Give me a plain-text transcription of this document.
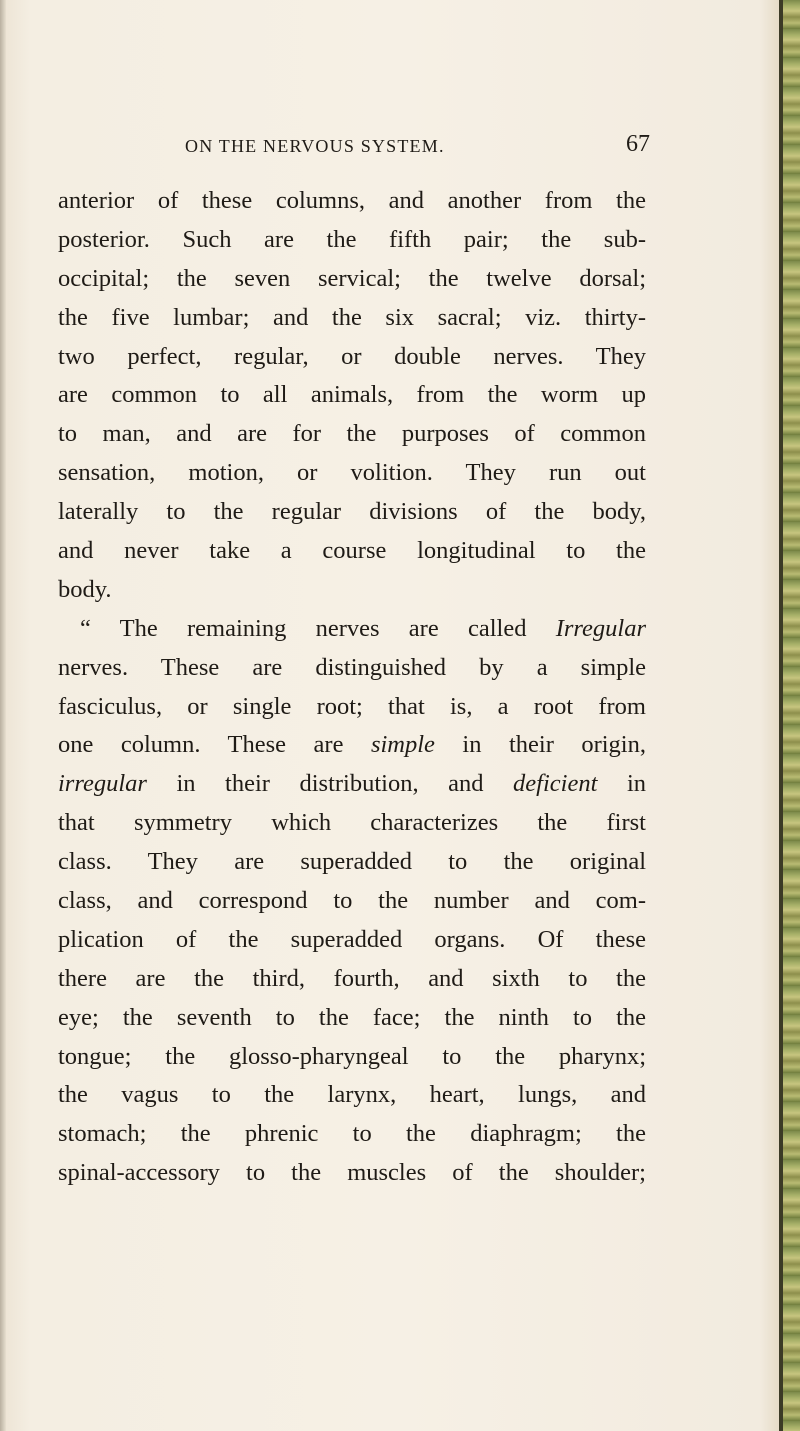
ON THE NERVOUS SYSTEM.	67
anterior of these columns, and another from the
posterior. Such are the fifth pair; the sub-
occipital; the seven servical; the twelve dorsal;
the five lumbar; and the six sacral; viz. thirty-
two perfect, regular, or double nerves. They
are common to all animals, from the worm up
to man, and are for the purposes of common
sensation, motion, or volition. They run out
laterally to the regular divisions of the body,
and never take a course longitudinal to the
body.
“ The remaining nerves are called Irregular
nerves. These are distinguished by a simple
fasciculus, or single root; that is, a root from
one column. These are simple in their origin,
irregular in their distribution, and deficient in
that symmetry which characterizes the first
class. They are superadded to the original
class, and correspond to the number and com-
plication of the superadded organs. Of these
there are the third, fourth, and sixth to the
eye; the seventh to the face; the ninth to the
tongue; the glosso-pharyngeal to the pharynx;
the vagus to the larynx, heart, lungs, and
stomach; the phrenic to the diaphragm; the
spinal-accessory to the muscles of the shoulder;
